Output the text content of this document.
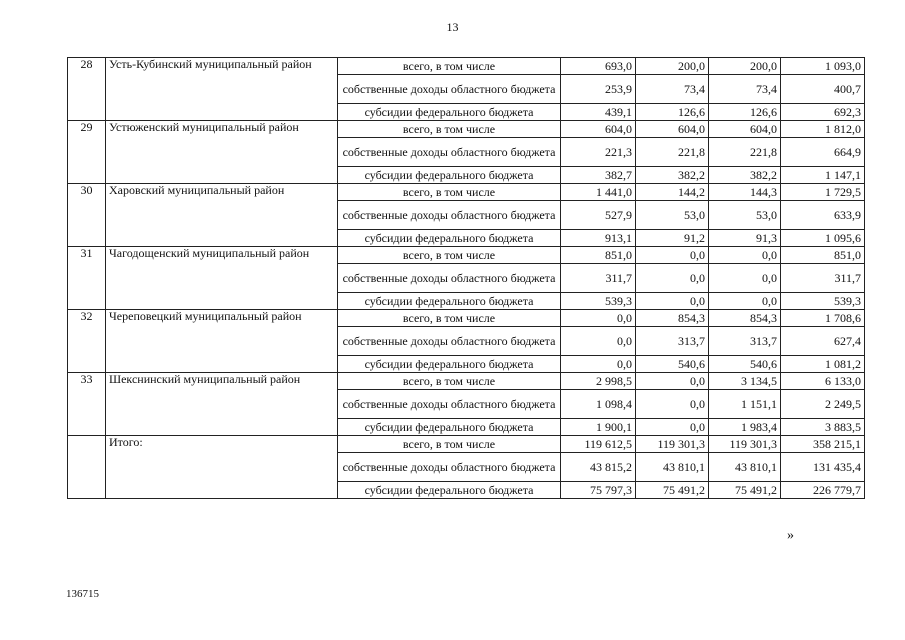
13
28	Усть-Кубинский муниципальный район	всего, в том числе	693,0	200,0	200,0	1 093,0
		собственные доходы областного бюджета	253,9	73,4	73,4	400,7
		субсидии федерального бюджета	439,1	126,6	126,6	692,3
29	Устюженский муниципальный район	всего, в том числе	604,0	604,0	604,0	1 812,0
		собственные доходы областного бюджета	221,3	221,8	221,8	664,9
		субсидии федерального бюджета	382,7	382,2	382,2	1 147,1
30	Харовский муниципальный район	всего, в том числе	1 441,0	144,2	144,3	1 729,5
		собственные доходы областного бюджета	527,9	53,0	53,0	633,9
		субсидии федерального бюджета	913,1	91,2	91,3	1 095,6
31	Чагодощенский муниципальный район	всего, в том числе	851,0	0,0	0,0	851,0
		собственные доходы областного бюджета	311,7	0,0	0,0	311,7
		субсидии федерального бюджета	539,3	0,0	0,0	539,3
32	Череповецкий муниципальный район	всего, в том числе	0,0	854,3	854,3	1 708,6
		собственные доходы областного бюджета	0,0	313,7	313,7	627,4
		субсидии федерального бюджета	0,0	540,6	540,6	1 081,2
33	Шекснинский муниципальный район	всего, в том числе	2 998,5	0,0	3 134,5	6 133,0
		собственные доходы областного бюджета	1 098,4	0,0	1 151,1	2 249,5
		субсидии федерального бюджета	1 900,1	0,0	1 983,4	3 883,5
	Итого:	всего, в том числе	119 612,5	119 301,3	119 301,3	358 215,1
		собственные доходы областного бюджета	43 815,2	43 810,1	43 810,1	131 435,4
		субсидии федерального бюджета	75 797,3	75 491,2	75 491,2	226 779,7
»
136715
